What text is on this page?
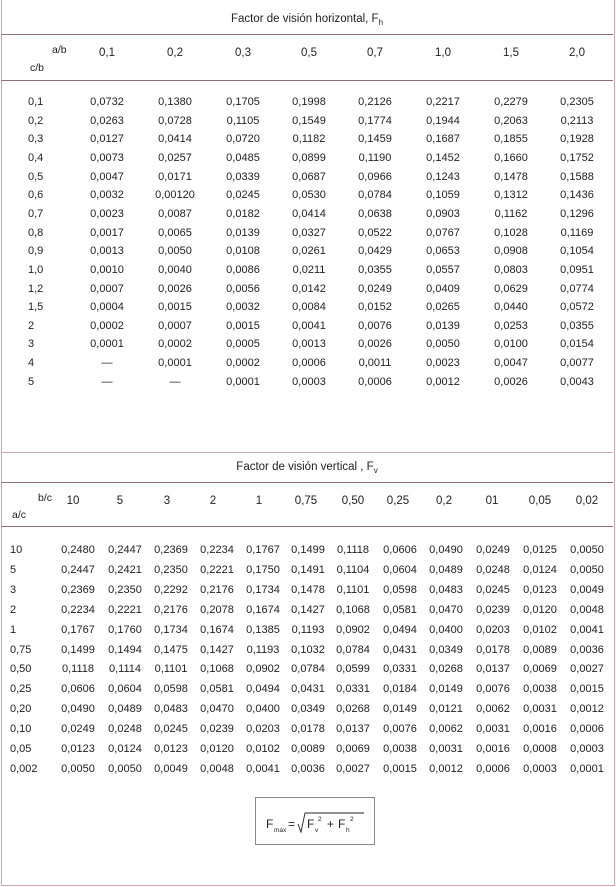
Factor de visión horizontal, $F_h$
a/b
c/b
0,1	0,2	0,3	0,5	0,7	1,0	1,5	2,0
0,1	0,0732	0,1380	0,1705	0,1998	0,2126	0,2217	0,2279	0,2305
0,2	0,0263	0,0728	0,1105	0,1549	0,1774	0,1944	0,2063	0,2113
0,3	0,0127	0,0414	0,0720	0,1182	0,1459	0,1687	0,1855	0,1928
0,4	0,0073	0,0257	0,0485	0,0899	0,1190	0,1452	0,1660	0,1752
0,5	0,0047	0,0171	0,0339	0,0687	0,0966	0,1243	0,1478	0,1588
0,6	0,0032	0,00120	0,0245	0,0530	0,0784	0,1059	0,1312	0,1436
0,7	0,0023	0,0087	0,0182	0,0414	0,0638	0,0903	0,1162	0,1296
0,8	0,0017	0,0065	0,0139	0,0327	0,0522	0,0767	0,1028	0,1169
0,9	0,0013	0,0050	0,0108	0,0261	0,0429	0,0653	0,0908	0,1054
1,0	0,0010	0,0040	0,0086	0,0211	0,0355	0,0557	0,0803	0,0951
1,2	0,0007	0,0026	0,0056	0,0142	0,0249	0,0409	0,0629	0,0774
1,5	0,0004	0,0015	0,0032	0,0084	0,0152	0,0265	0,0440	0,0572
2	0,0002	0,0007	0,0015	0,0041	0,0076	0,0139	0,0253	0,0355
3	0,0001	0,0002	0,0005	0,0013	0,0026	0,0050	0,0100	0,0154
4	—	0,0001	0,0002	0,0006	0,0011	0,0023	0,0047	0,0077
5	—	—	0,0001	0,0003	0,0006	0,0012	0,0026	0,0043
Factor de visión vertical , $F_v$
b/c
a/c
10	5	3	2	1	0,75 0,50 0,25 0,2	01	0,05 0,02
10	0,2480 0,2447 0,2369 0,2234 0,1767 0,1499 0,1118 0,0606 0,0490 0,0249 0,0125 0,0050
5	0,2447 0,2421 0,2350 0,2221 0,1750 0,1491 0,1104 0,0604 0,0489 0,0248 0,0124 0,0050
3	0,2369 0,2350 0,2292 0,2176 0,1734 0,1478 0,1101 0,0598 0,0483 0,0245 0,0123 0,0049
2	0,2234 0,2221 0,2176 0,2078 0,1674 0,1427 0,1068 0,0581 0,0470 0,0239 0,0120 0,0048
1	0,1767 0,1760 0,1734 0,1674 0,1385 0,1193 0,0902 0,0494 0,0400 0,0203 0,0102 0,0041
0,75	0,1499 0,1494 0,1475 0,1427 0,1193 0,1032 0,0784 0,0431 0,0349 0,0178 0,0089 0,0036
0,50	0,1118 0,1114 0,1101 0,1068 0,0902 0,0784 0,0599 0,0331 0,0268 0,0137 0,0069 0,0027
0,25	0,0606 0,0604 0,0598 0,0581 0,0494 0,0431 0,0331 0,0184 0,0149 0,0076 0,0038 0,0015
0,20	0,0490 0,0489 0,0483 0,0470 0,0400 0,0349 0,0268 0,0149 0,0121 0,0062 0,0031 0,0012
0,10	0,0249 0,0248 0,0245 0,0239 0,0203 0,0178 0,0137 0,0076 0,0062 0,0031 0,0016 0,0006
0,05	0,0123 0,0124 0,0123 0,0120 0,0102 0,0089 0,0069 0,0038 0,0031 0,0016 0,0008 0,0003
0,002 0,0050 0,0050 0,0049 0,0048 0,0041 0,0036 0,0027 0,0015 0,0012 0,0006 0,0003 0,0001
F máx = F v
2 + F h
2
